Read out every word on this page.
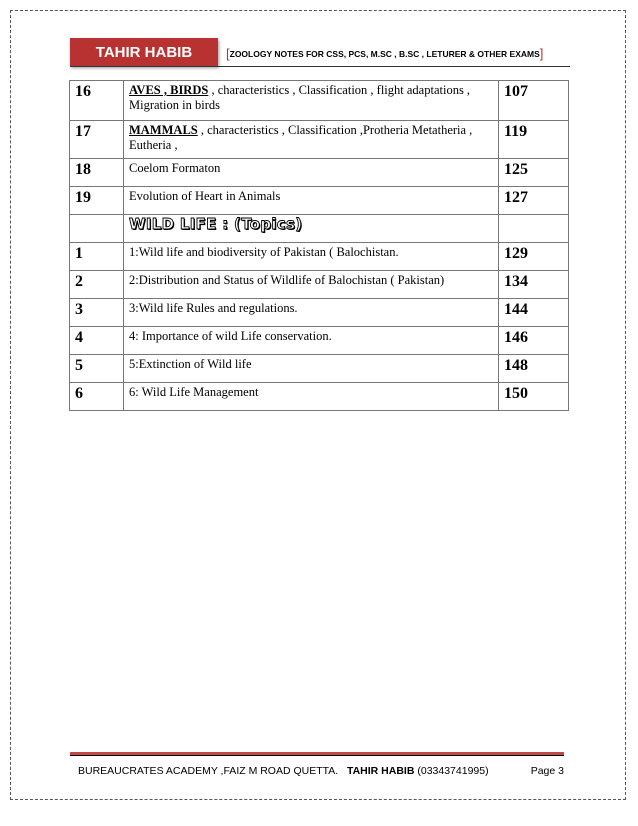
TAHIR HABIB	[ZOOLOGY NOTES FOR CSS, PCS, M.SC , B.SC , LETURER & OTHER EXAMS]
16	AVES , BIRDS , characteristics , Classification , flight adaptations , Migration in birds	107
17	MAMMALS , characteristics , Classification ,Protheria Metatheria , Eutheria ,	119
18	Coelom Formaton	125
19	Evolution of Heart in Animals	127
	WILD LIFE : (Topics)	
1	1:Wild life and biodiversity of Pakistan ( Balochistan.	129
2	2:Distribution and Status of Wildlife of Balochistan ( Pakistan)	134
3	3:Wild life Rules and regulations.	144
4	4: Importance of wild Life conservation.	146
5	5:Extinction of Wild life	148
6	6: Wild Life Management	150
BUREAUCRATES ACADEMY ,FAIZ M ROAD QUETTA. TAHIR HABIB (03343741995)	Page 3
